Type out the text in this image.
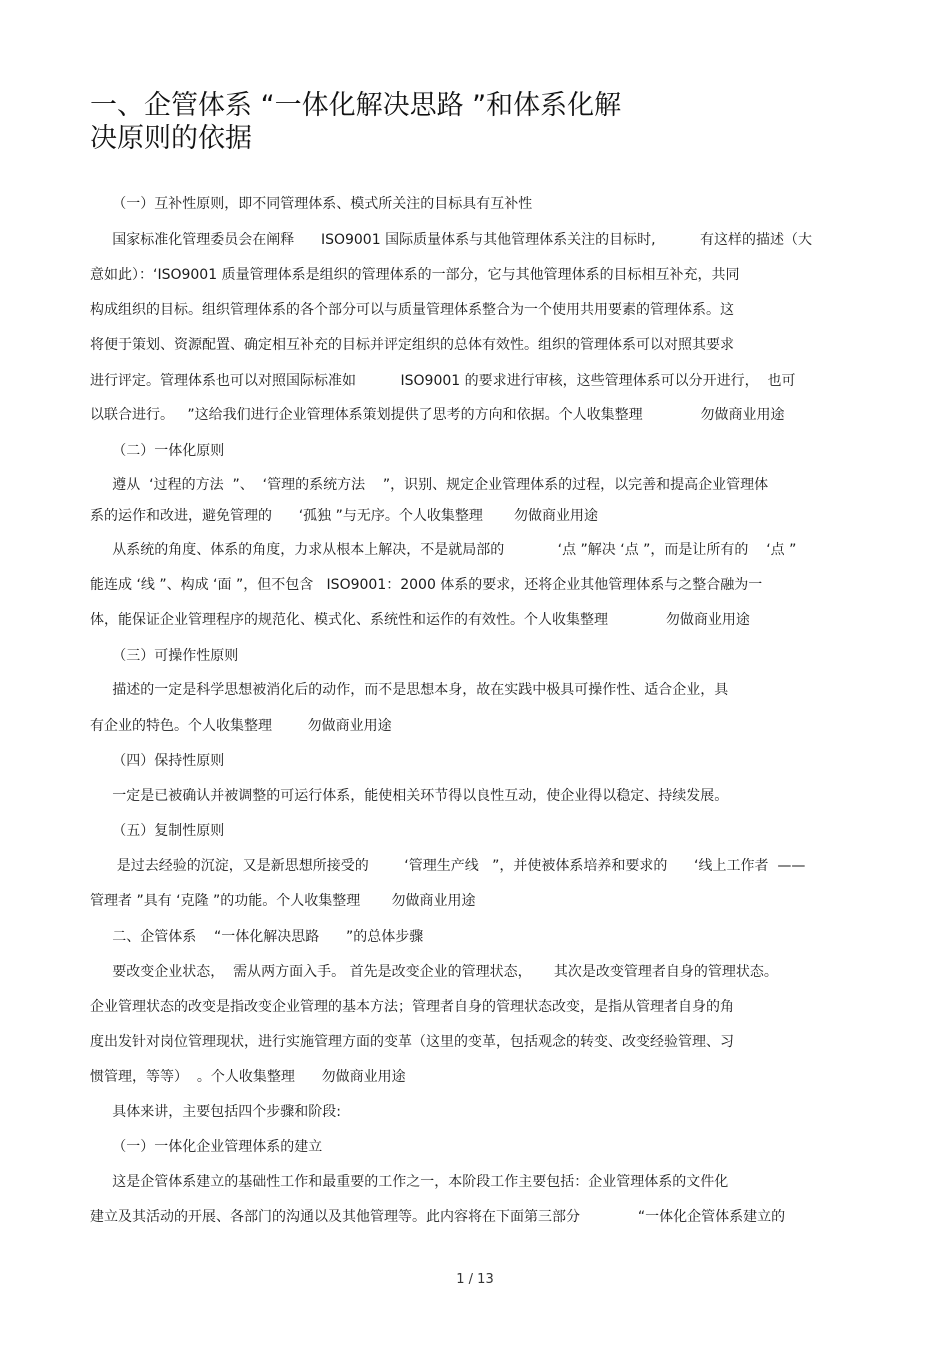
一、企管体系 “一体化解决思路 ”和体系化解
决原则的依据
（一）互补性原则，即不同管理体系、模式所关注的目标具有互补性
国家标准化管理委员会在阐释      ISO9001 国际质量体系与其他管理体系关注的目标时,          有这样的描述（大
意如此）：‘ISO9001 质量管理体系是组织的管理体系的一部分，它与其他管理体系的目标相互补充，共同
构成组织的目标。组织管理体系的各个部分可以与质量管理体系整合为一个使用共用要素的管理体系。这
将便于策划、资源配置、确定相互补充的目标并评定组织的总体有效性。组织的管理体系可以对照其要求
进行评定。管理体系也可以对照国际标准如          ISO9001 的要求进行审核，这些管理体系可以分开进行，  也可
以联合进行。   ”这给我们进行企业管理体系策划提供了思考的方向和依据。个人收集整理             勿做商业用途
（二）一体化原则
遵从  ‘过程的方法  ”、  ‘管理的系统方法    ”，识别、规定企业管理体系的过程，以完善和提高企业管理体
系的运作和改进，避免管理的      ‘孤独 ”与无序。个人收集整理       勿做商业用途
从系统的角度、体系的角度，力求从根本上解决，不是就局部的            ‘点 ”解决 ‘点 ”，而是让所有的    ‘点 ”
能连成 ‘线 ”、构成 ‘面 ”，但不包含   ISO9001：2000 体系的要求，还将企业其他管理体系与之整合融为一
体，能保证企业管理程序的规范化、模式化、系统性和运作的有效性。个人收集整理             勿做商业用途
（三）可操作性原则
描述的一定是科学思想被消化后的动作，而不是思想本身，故在实践中极具可操作性、适合企业，具
有企业的特色。个人收集整理        勿做商业用途
（四）保持性原则
一定是已被确认并被调整的可运行体系，能使相关环节得以良性互动，使企业得以稳定、持续发展。
（五）复制性原则
是过去经验的沉淀，又是新思想所接受的        ‘管理生产线   ”，并使被体系培养和要求的      ‘线上工作者  ——
管理者 ”具有 ‘克隆 ”的功能。个人收集整理       勿做商业用途
二、企管体系    “一体化解决思路      ”的总体步骤
要改变企业状态，  需从两方面入手。 首先是改变企业的管理状态，     其次是改变管理者自身的管理状态。
企业管理状态的改变是指改变企业管理的基本方法；管理者自身的管理状态改变，是指从管理者自身的角
度出发针对岗位管理现状，进行实施管理方面的变革（这里的变革，包括观念的转变、改变经验管理、习
惯管理，等等）  。个人收集整理      勿做商业用途
具体来讲，主要包括四个步骤和阶段:
（一）一体化企业管理体系的建立
这是企管体系建立的基础性工作和最重要的工作之一，本阶段工作主要包括：企业管理体系的文件化
建立及其活动的开展、各部门的沟通以及其他管理等。此内容将在下面第三部分             “一体化企管体系建立的
1 / 13
